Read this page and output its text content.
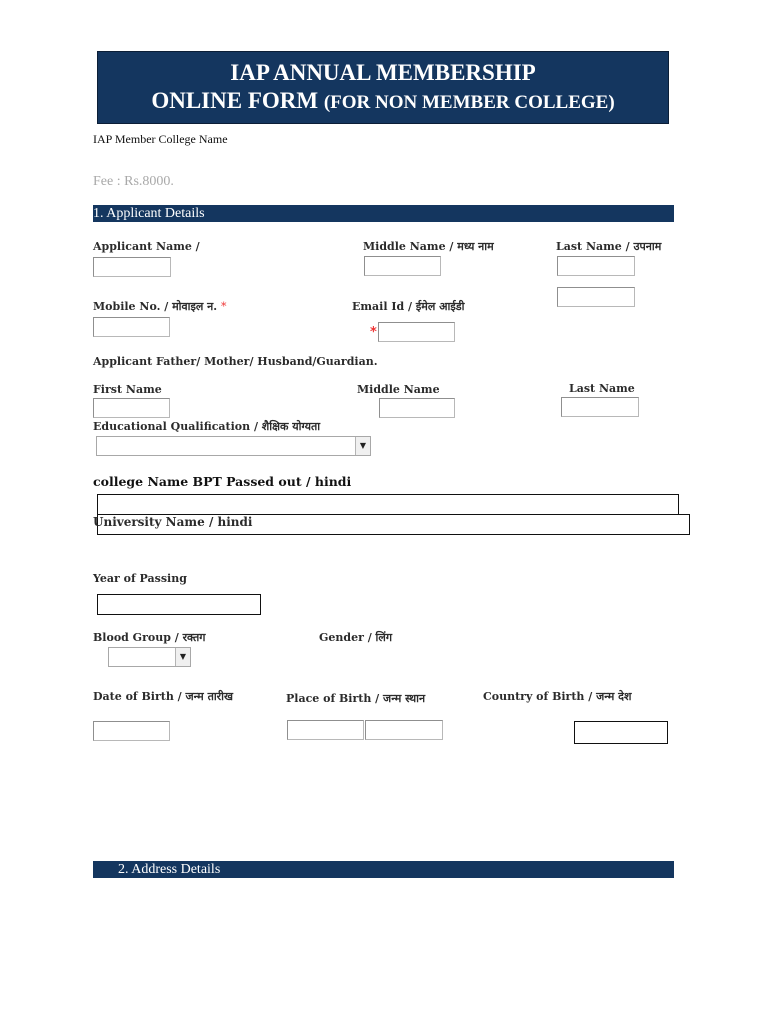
IAP ANNUAL MEMBERSHIP
ONLINE FORM (FOR NON MEMBER COLLEGE)
IAP Member College Name
Fee : Rs.8000.
1. Applicant Details
Applicant Name /	Middle Name / मध्य नाम	Last Name / उपनाम
Mobile No. / मोवाइल न. *	Email Id / ईमेल आईडी
*
Applicant Father/ Mother/ Husband/Guardian.
First Name	Middle Name	Last Name
Educational Qualification / शैक्षिक योग्यता
▼
college Name BPT Passed out / hindi
University Name / hindi
Year of Passing
Blood Group / रक्तग	Gender / लिंग
▼
Date of Birth / जन्म तारीख	Place of Birth / जन्म स्थान	Country of Birth / जन्म देश
2. Address Details
